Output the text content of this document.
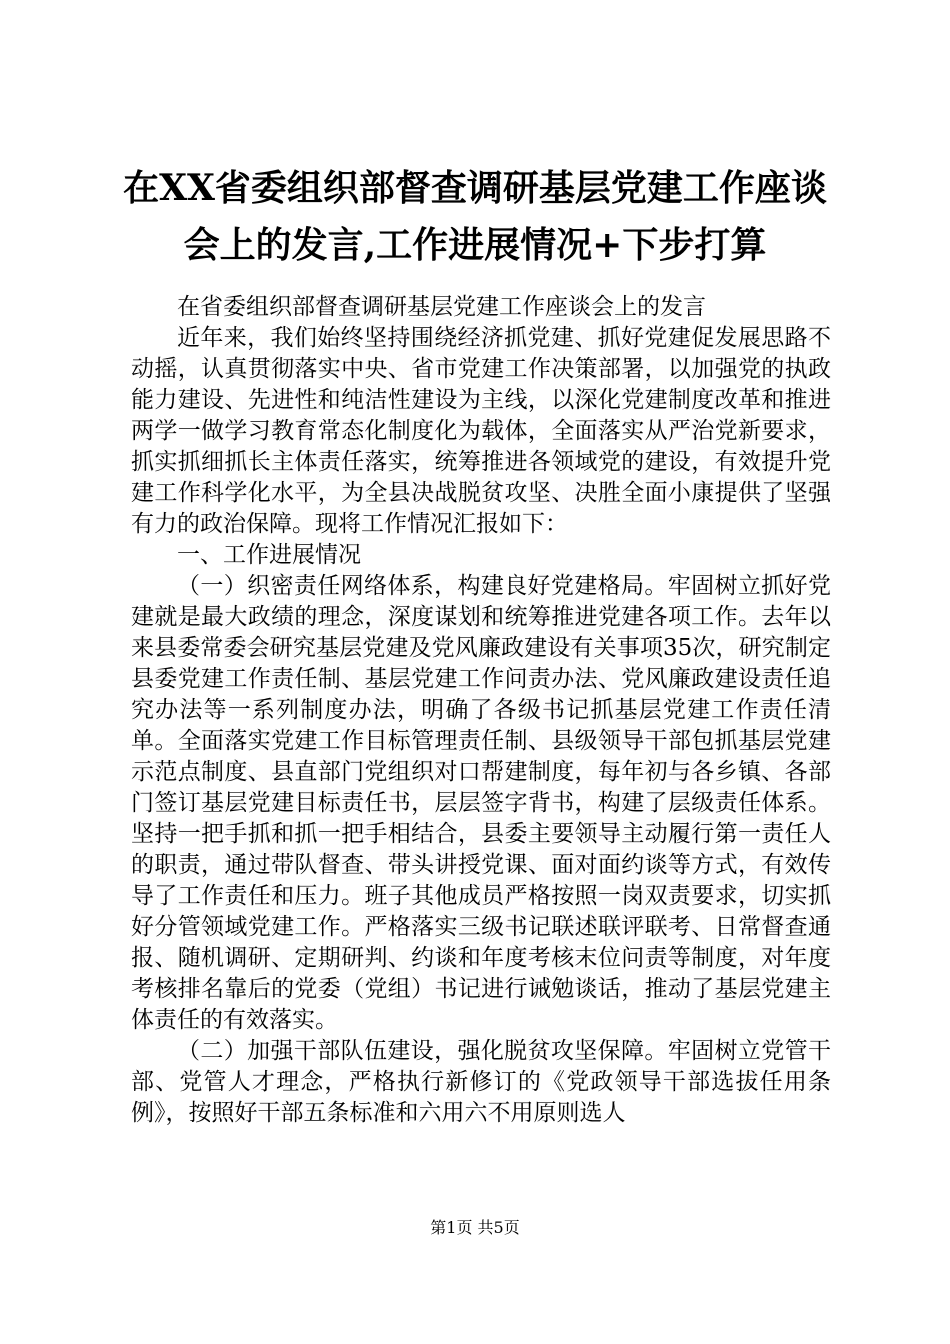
在XX省委组织部督查调研基层党建工作座谈会上的发言,工作进展情况+下步打算

在省委组织部督查调研基层党建工作座谈会上的发言

近年来，我们始终坚持围绕经济抓党建、抓好党建促发展思路不动摇，认真贯彻落实中央、省市党建工作决策部署，以加强党的执政能力建设、先进性和纯洁性建设为主线，以深化党建制度改革和推进两学一做学习教育常态化制度化为载体，全面落实从严治党新要求，抓实抓细抓长主体责任落实，统筹推进各领域党的建设，有效提升党建工作科学化水平，为全县决战脱贫攻坚、决胜全面小康提供了坚强有力的政治保障。现将工作情况汇报如下：

一、工作进展情况

（一）织密责任网络体系，构建良好党建格局。牢固树立抓好党建就是最大政绩的理念，深度谋划和统筹推进党建各项工作。去年以来县委常委会研究基层党建及党风廉政建设有关事项35次，研究制定县委党建工作责任制、基层党建工作问责办法、党风廉政建设责任追究办法等一系列制度办法，明确了各级书记抓基层党建工作责任清单。全面落实党建工作目标管理责任制、县级领导干部包抓基层党建示范点制度、县直部门党组织对口帮建制度，每年初与各乡镇、各部门签订基层党建目标责任书，层层签字背书，构建了层级责任体系。坚持一把手抓和抓一把手相结合，县委主要领导主动履行第一责任人的职责，通过带队督查、带头讲授党课、面对面约谈等方式，有效传导了工作责任和压力。班子其他成员严格按照一岗双责要求，切实抓好分管领域党建工作。严格落实三级书记联述联评联考、日常督查通报、随机调研、定期研判、约谈和年度考核末位问责等制度，对年度考核排名靠后的党委（党组）书记进行诫勉谈话，推动了基层党建主体责任的有效落实。

（二）加强干部队伍建设，强化脱贫攻坚保障。牢固树立党管干部、党管人才理念，严格执行新修订的《党政领导干部选拔任用条例》，按照好干部五条标准和六用六不用原则选人

第1页 共5页
